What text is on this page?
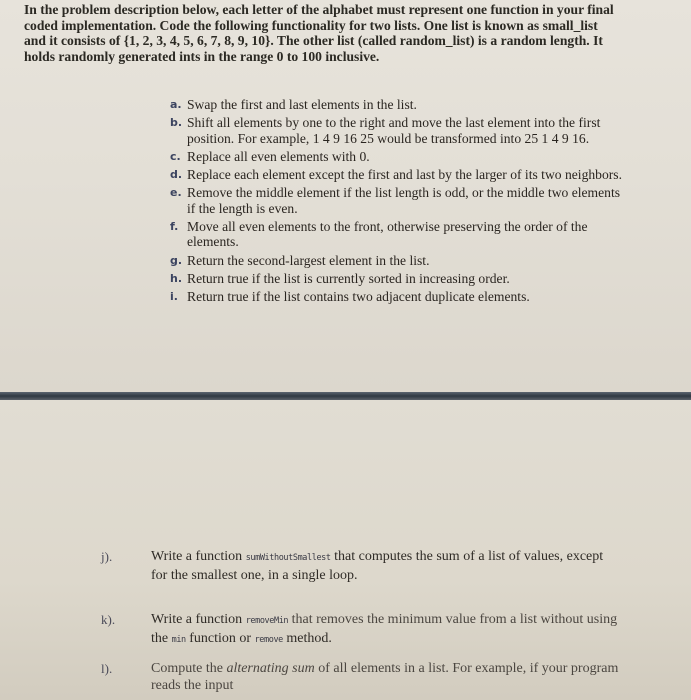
In the problem description below, each letter of the alphabet must represent one function in your final
coded implementation. Code the following functionality for two lists. One list is known as small_list
and it consists of {1, 2, 3, 4, 5, 6, 7, 8, 9, 10}. The other list (called random_list) is a random length. It
holds randomly generated ints in the range 0 to 100 inclusive.
a. Swap the first and last elements in the list.
b. Shift all elements by one to the right and move the last element into the first
position. For example, 1 4 9 16 25 would be transformed into 25 1 4 9 16.
c. Replace all even elements with 0.
d. Replace each element except the first and last by the larger of its two neighbors.
e. Remove the middle element if the list length is odd, or the middle two elements
if the length is even.
f. Move all even elements to the front, otherwise preserving the order of the
elements.
g. Return the second-largest element in the list.
h. Return true if the list is currently sorted in increasing order.
i. Return true if the list contains two adjacent duplicate elements.
j).	Write a function sumWithoutSmallest that computes the sum of a list of values, except
for the smallest one, in a single loop.
k).	Write a function removeMin that removes the minimum value from a list without using
the min function or remove method.
l).	Compute the alternating sum of all elements in a list. For example, if your program
reads the input
